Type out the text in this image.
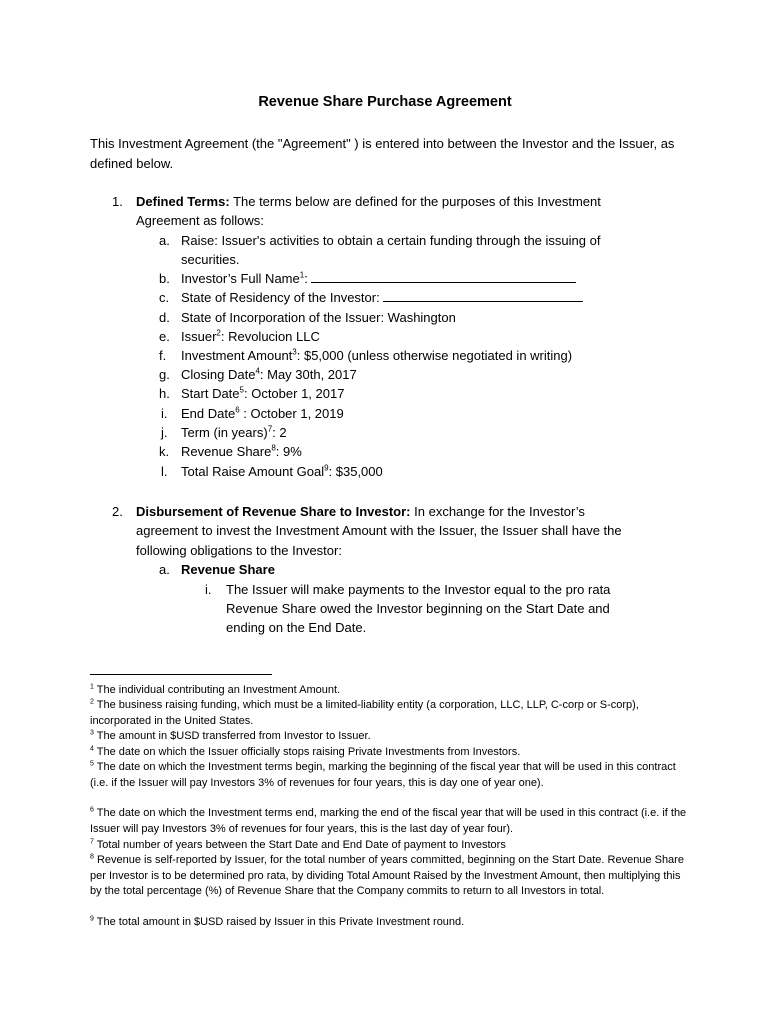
Revenue Share Purchase Agreement
This Investment Agreement (the "Agreement" ) is entered into between the Investor and the Issuer, as defined below.
1. Defined Terms: The terms below are defined for the purposes of this Investment
Agreement as follows:
a. Raise: Issuer's activities to obtain a certain funding through the issuing of
securities.
b. Investor’s Full Name$^1$:
c. State of Residency of the Investor:
d. State of Incorporation of the Issuer: Washington
e. Issuer$^2$: Revolucion LLC
f. Investment Amount$^3$: $5,000 (unless otherwise negotiated in writing)
g. Closing Date$^4$: May 30th, 2017
h. Start Date$^5$: October 1, 2017
i. End Date$^6$ : October 1, 2019
j. Term (in years)$^7$: 2
k. Revenue Share$^8$: 9%
l. Total Raise Amount Goal$^9$: $35,000
2. Disbursement of Revenue Share to Investor: In exchange for the Investor’s
agreement to invest the Investment Amount with the Issuer, the Issuer shall have the
following obligations to the Investor:
a. Revenue Share
i. The Issuer will make payments to the Investor equal to the pro rata
Revenue Share owed the Investor beginning on the Start Date and
ending on the End Date.
$^1$ The individual contributing an Investment Amount.
$^2$ The business raising funding, which must be a limited-liability entity (a corporation, LLC, LLP, C-corp or S-corp), incorporated in the United States.
$^3$ The amount in $USD transferred from Investor to Issuer.
$^4$ The date on which the Issuer officially stops raising Private Investments from Investors.
$^5$ The date on which the Investment terms begin, marking the beginning of the fiscal year that will be used in this contract (i.e. if the Issuer will pay Investors 3% of revenues for four years, this is day one of year one).
$^6$ The date on which the Investment terms end, marking the end of the fiscal year that will be used in this contract (i.e. if the Issuer will pay Investors 3% of revenues for four years, this is the last day of year four).
$^7$ Total number of years between the Start Date and End Date of payment to Investors
$^8$ Revenue is self-reported by Issuer, for the total number of years committed, beginning on the Start Date. Revenue Share per Investor is to be determined pro rata, by dividing Total Amount Raised by the Investment Amount, then multiplying this by the total percentage (%) of Revenue Share that the Company commits to return to all Investors in total.
$^9$ The total amount in $USD raised by Issuer in this Private Investment round.
